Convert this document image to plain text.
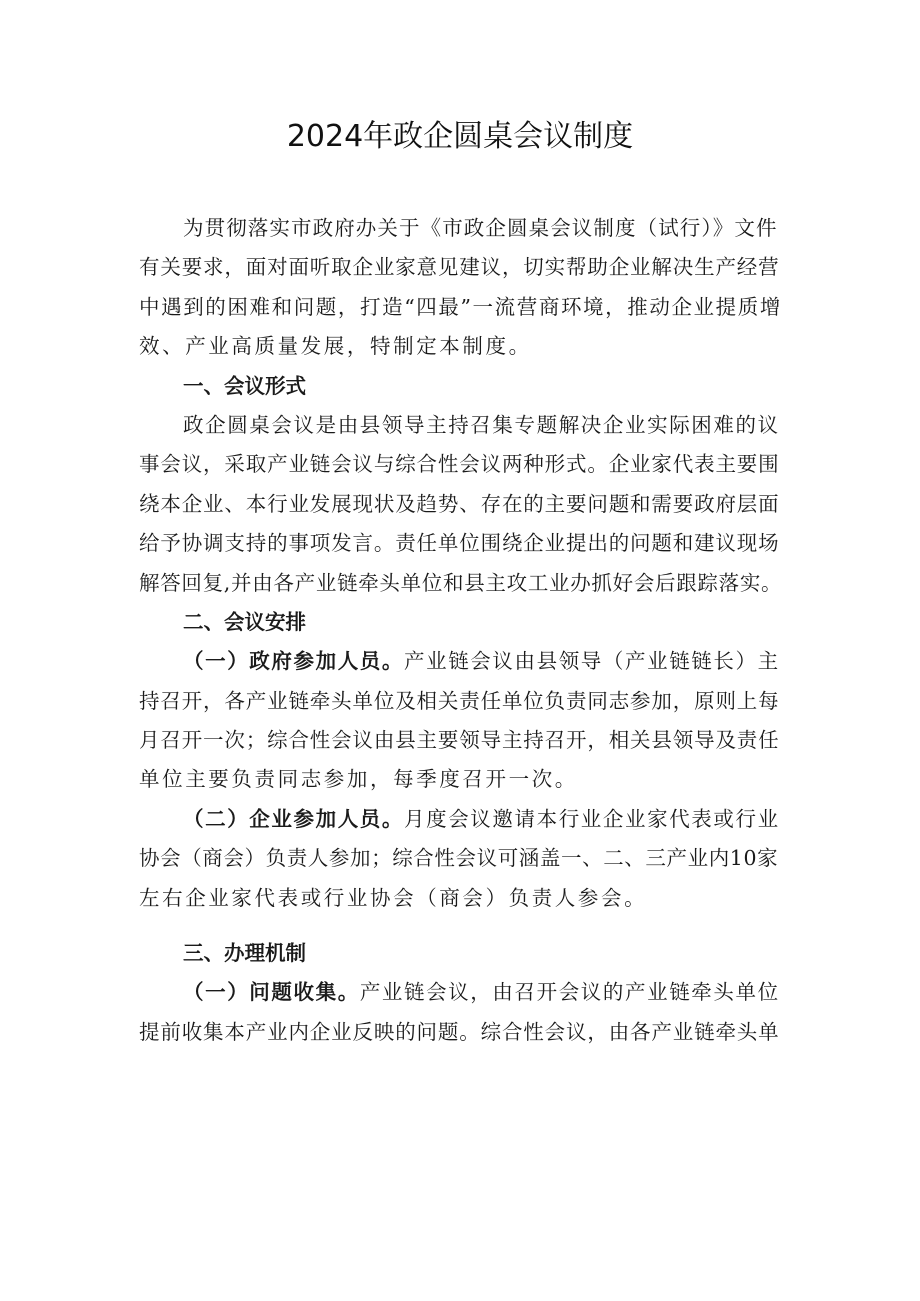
2024年政企圆桌会议制度
为贯彻落实市政府办关于《市政企圆桌会议制度（试行）》文件
有关要求，面对面听取企业家意见建议，切实帮助企业解决生产经营
中遇到的困难和问题，打造“四最”一流营商环境，推动企业提质增
效、产业高质量发展，特制定本制度。
一、会议形式
政企圆桌会议是由县领导主持召集专题解决企业实际困难的议
事会议，采取产业链会议与综合性会议两种形式。企业家代表主要围
绕本企业、本行业发展现状及趋势、存在的主要问题和需要政府层面
给予协调支持的事项发言。责任单位围绕企业提出的问题和建议现场
解答回复,并由各产业链牵头单位和县主攻工业办抓好会后跟踪落实。
二、会议安排
（一）政府参加人员。产业链会议由县领导（产业链链长）主
持召开，各产业链牵头单位及相关责任单位负责同志参加，原则上每
月召开一次；综合性会议由县主要领导主持召开，相关县领导及责任
单位主要负责同志参加，每季度召开一次。
（二）企业参加人员。月度会议邀请本行业企业家代表或行业
协会（商会）负责人参加；综合性会议可涵盖一、二、三产业内10家
左右企业家代表或行业协会（商会）负责人参会。
三、办理机制
（一）问题收集。产业链会议，由召开会议的产业链牵头单位
提前收集本产业内企业反映的问题。综合性会议，由各产业链牵头单
